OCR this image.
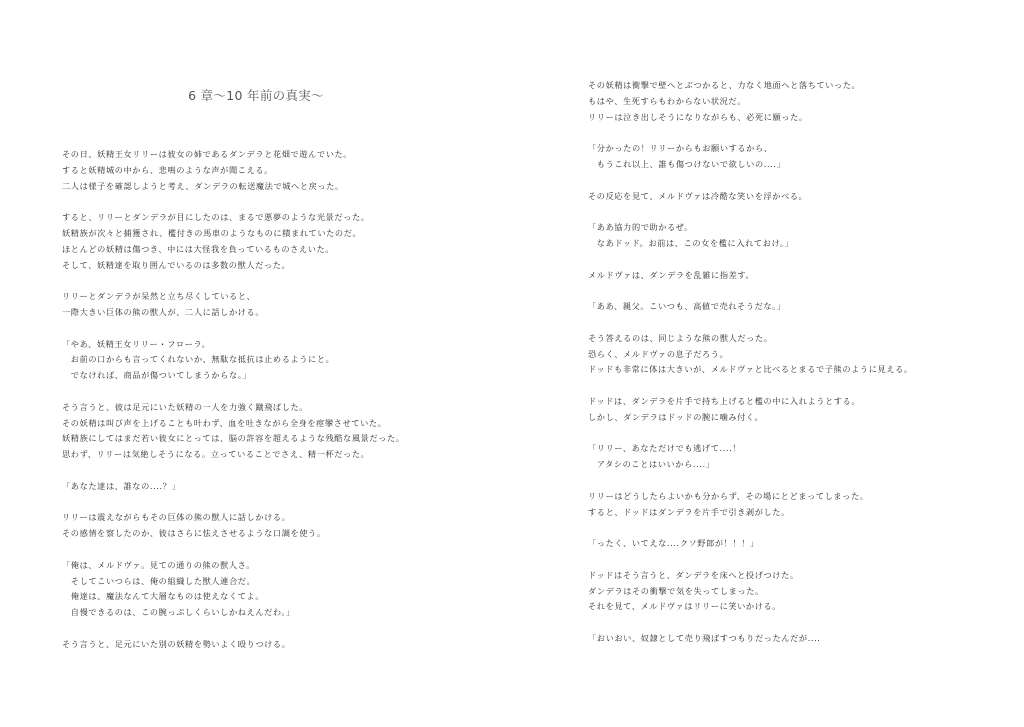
6 章〜10 年前の真実〜
その日、妖精王女リリーは彼女の姉であるダンデラと花畑で遊んでいた。
すると妖精城の中から、悲鳴のような声が聞こえる。
二人は様子を確認しようと考え、ダンデラの転送魔法で城へと戻った。
すると、リリーとダンデラが目にしたのは、まるで悪夢のような光景だった。
妖精族が次々と捕獲され、檻付きの馬車のようなものに積まれていたのだ。
ほとんどの妖精は傷つき、中には大怪我を負っているものさえいた。
そして、妖精達を取り囲んでいるのは多数の獣人だった。
リリーとダンデラが呆然と立ち尽くしていると、
一際大きい巨体の熊の獣人が、二人に話しかける。
「やあ、妖精王女リリー・フローラ。
　お前の口からも言ってくれないか、無駄な抵抗は止めるようにと。
　でなければ、商品が傷ついてしまうからな。」
そう言うと、彼は足元にいた妖精の一人を力強く蹴飛ばした。
その妖精は叫び声を上げることも叶わず、血を吐きながら全身を痙攣させていた。
妖精族にしてはまだ若い彼女にとっては、脳の許容を超えるような残酷な風景だった。
思わず、リリーは気絶しそうになる。立っていることでさえ、精一杯だった。
「あなた達は、誰なの....？」
リリーは震えながらもその巨体の熊の獣人に話しかける。
その感情を察したのか、彼はさらに怯えさせるような口調を使う。
「俺は、メルドヴァ。見ての通りの熊の獣人さ。
　そしてこいつらは、俺の組織した獣人連合だ。
　俺達は、魔法なんて大層なものは使えなくてよ。
　自慢できるのは、この腕っぷしくらいしかねえんだわ。」
そう言うと、足元にいた別の妖精を勢いよく殴りつける。
その妖精は衝撃で壁へとぶつかると、力なく地面へと落ちていった。
もはや、生死すらもわからない状況だ。
リリーは泣き出しそうになりながらも、必死に願った。
「分かったの！リリーからもお願いするから、
　もうこれ以上、誰も傷つけないで欲しいの....」
その反応を見て、メルドヴァは冷酷な笑いを浮かべる。
「ああ協力的で助かるぜ。
　なあドッド。お前は、この女を檻に入れておけ。」
メルドヴァは、ダンデラを乱雑に指差す。
「ああ、親父。こいつも、高値で売れそうだな。」
そう答えるのは、同じような熊の獣人だった。
恐らく、メルドヴァの息子だろう。
ドッドも非常に体は大きいが、メルドヴァと比べるとまるで子熊のように見える。
ドッドは、ダンデラを片手で持ち上げると檻の中に入れようとする。
しかし、ダンデラはドッドの腕に噛み付く。
「リリー、あなただけでも逃げて....！
　アタシのことはいいから....」
リリーはどうしたらよいかも分からず、その場にとどまってしまった。
すると、ドッドはダンデラを片手で引き剥がした。
「ったく、いてえな....クソ野郎が！！！」
ドッドはそう言うと、ダンデラを床へと投げつけた。
ダンデラはその衝撃で気を失ってしまった。
それを見て、メルドヴァはリリーに笑いかける。
「おいおい、奴隷として売り飛ばすつもりだったんだが....
